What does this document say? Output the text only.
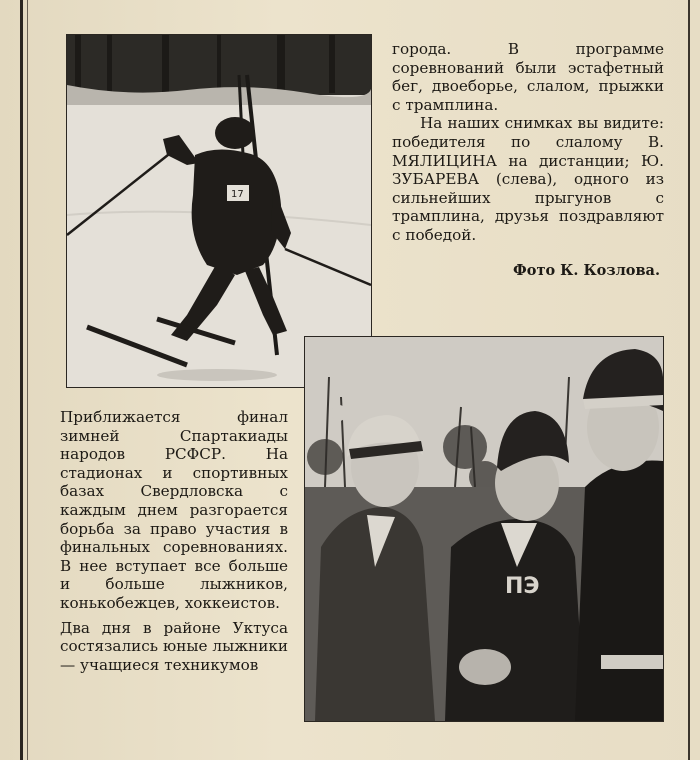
17

города. В программе соревнований были эстафетный бег, двоеборье, слалом, прыжки с трамплина.

На наших снимках вы видите: победителя по слалому В. МЯЛИЦИНА на дистанции; Ю. ЗУБАРЕВА (слева), одного из сильнейших прыгунов с трамплина, друзья поздравляют с победой.

Фото К. Козлова.

Приближается финал зимней Спартакиады народов РСФСР. На стадионах и спортивных базах Свердловска с каждым днем разгорается борьба за право участия в финальных соревнованиях. В нее вступает все больше и больше лыжников, конькобежцев, хоккеистов.

Два дня в районе Уктуса состязались юные лыжники — учащиеся техникумов

ПЭ
